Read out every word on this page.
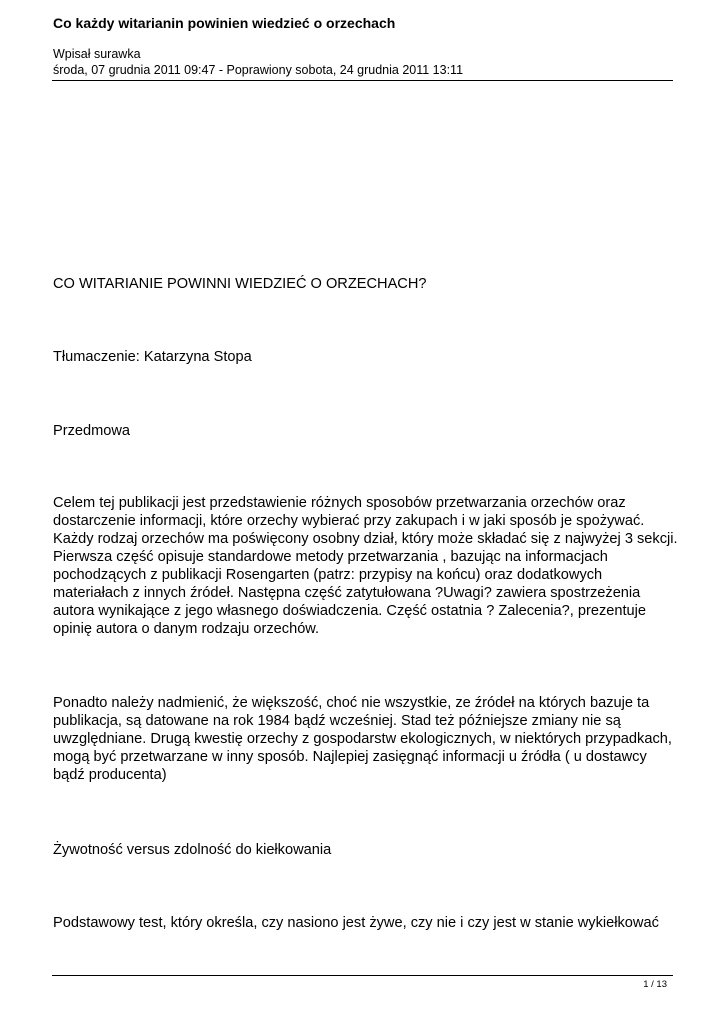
Co każdy witarianin powinien wiedzieć o orzechach
Wpisał surawka
środa, 07 grudnia 2011 09:47 - Poprawiony sobota, 24 grudnia 2011 13:11
CO WITARIANIE POWINNI WIEDZIEĆ O ORZECHACH?
Tłumaczenie: Katarzyna Stopa
Przedmowa
Celem tej publikacji jest przedstawienie różnych sposobów przetwarzania orzechów oraz dostarczenie informacji, które orzechy wybierać przy zakupach i w jaki sposób je spożywać. Każdy rodzaj orzechów ma poświęcony osobny dział, który może składać się z najwyżej 3 sekcji. Pierwsza część opisuje standardowe metody przetwarzania , bazując na informacjach pochodzących z publikacji Rosengarten (patrz: przypisy na końcu) oraz dodatkowych materiałach z innych źródeł. Następna część zatytułowana ?Uwagi? zawiera spostrzeżenia autora wynikające z jego własnego doświadczenia. Część ostatnia ? Zalecenia?, prezentuje opinię autora o danym rodzaju orzechów.
Ponadto należy nadmienić, że większość, choć nie wszystkie, ze źródeł na których bazuje ta publikacja, są datowane na rok 1984 bądź wcześniej. Stad też późniejsze zmiany nie są uwzględniane. Drugą kwestię orzechy z gospodarstw ekologicznych, w niektórych przypadkach, mogą być przetwarzane w inny sposób. Najlepiej zasięgnąć informacji u źródła ( u dostawcy bądź producenta)
Żywotność versus zdolność do kiełkowania
Podstawowy test, który określa, czy nasiono jest żywe, czy nie i czy jest w stanie wykiełkować
1 / 13
